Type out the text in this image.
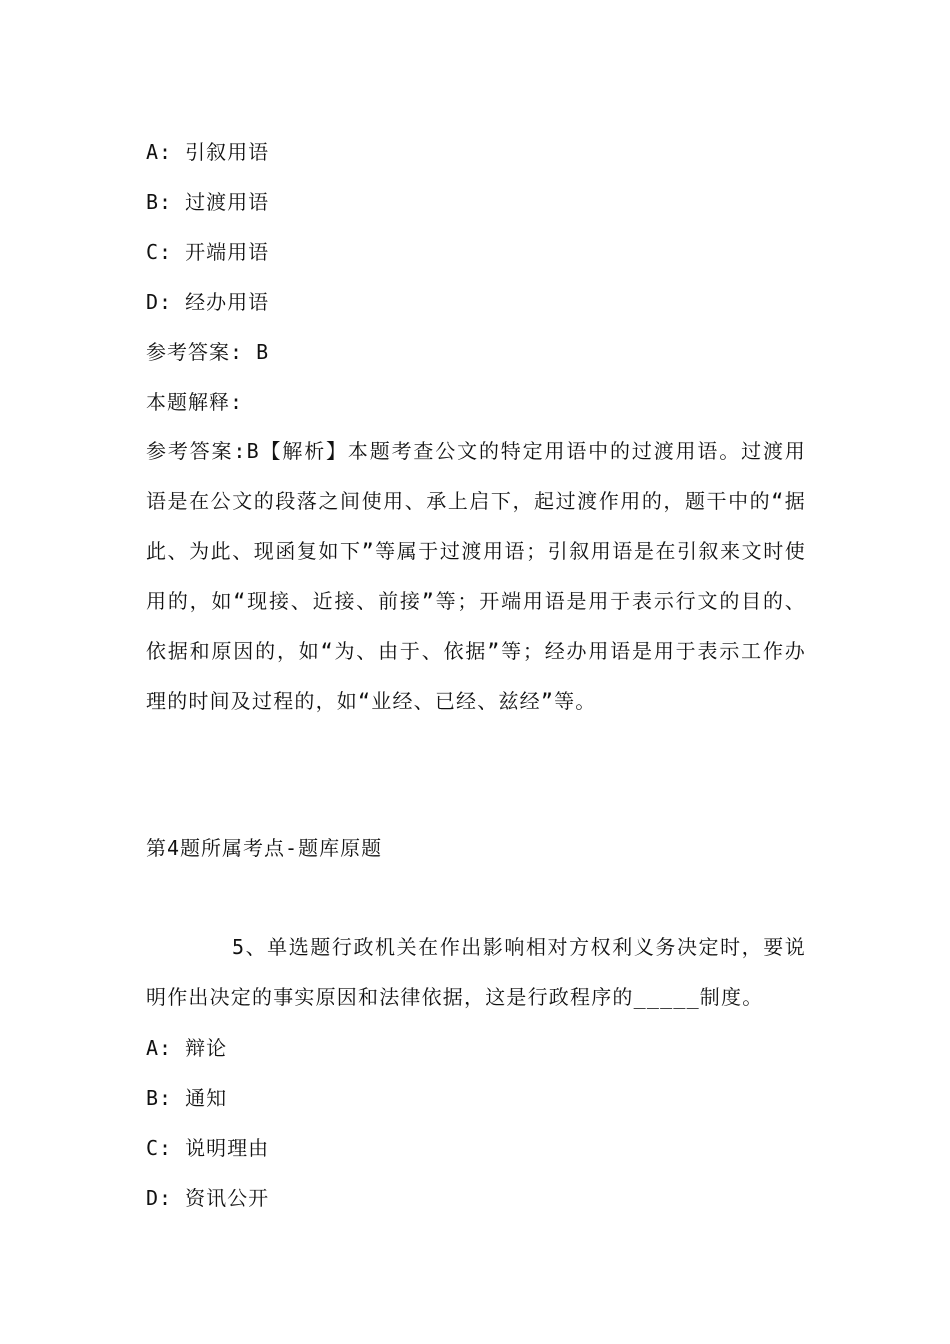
A: 引叙用语
B: 过渡用语
C: 开端用语
D: 经办用语
参考答案: B
本题解释:
参考答案:B【解析】本题考查公文的特定用语中的过渡用语。过渡用语是在公文的段落之间使用、承上启下，起过渡作用的，题干中的“据此、为此、现函复如下”等属于过渡用语；引叙用语是在引叙来文时使用的，如“现接、近接、前接”等；开端用语是用于表示行文的目的、依据和原因的，如“为、由于、依据”等；经办用语是用于表示工作办理的时间及过程的，如“业经、已经、兹经”等。
第4题所属考点-题库原题
5、单选题行政机关在作出影响相对方权利义务决定时，要说明作出决定的事实原因和法律依据，这是行政程序的_____制度。
A: 辩论
B: 通知
C: 说明理由
D: 资讯公开
